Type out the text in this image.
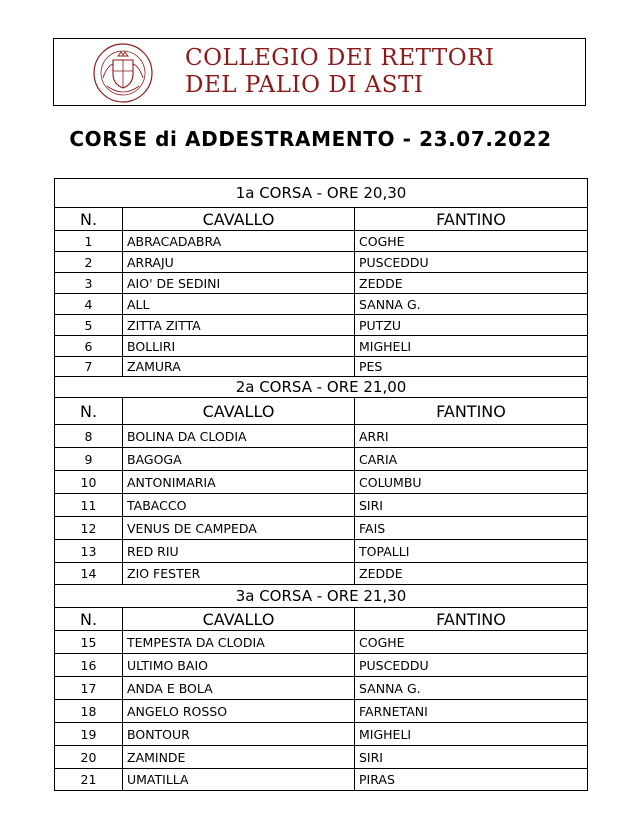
COLLEGIO DEI RETTORI
DEL PALIO DI ASTI
CORSE di ADDESTRAMENTO - 23.07.2022
1a CORSA - ORE 20,30		
N.	CAVALLO	FANTINO
1	ABRACADABRA	COGHE
2	ARRAJU	PUSCEDDU
3	AIO' DE SEDINI	ZEDDE
4	ALL	SANNA G.
5	ZITTA ZITTA	PUTZU
6	BOLLIRI	MIGHELI
7	ZAMURA	PES
2a CORSA - ORE 21,00		
N.	CAVALLO	FANTINO
8	BOLINA DA CLODIA	ARRI
9	BAGOGA	CARIA
10	ANTONIMARIA	COLUMBU
11	TABACCO	SIRI
12	VENUS DE CAMPEDA	FAIS
13	RED RIU	TOPALLI
14	ZIO FESTER	ZEDDE
3a CORSA - ORE 21,30		
N.	CAVALLO	FANTINO
15	TEMPESTA DA CLODIA	COGHE
16	ULTIMO BAIO	PUSCEDDU
17	ANDA E BOLA	SANNA G.
18	ANGELO ROSSO	FARNETANI
19	BONTOUR	MIGHELI
20	ZAMINDE	SIRI
21	UMATILLA	PIRAS
